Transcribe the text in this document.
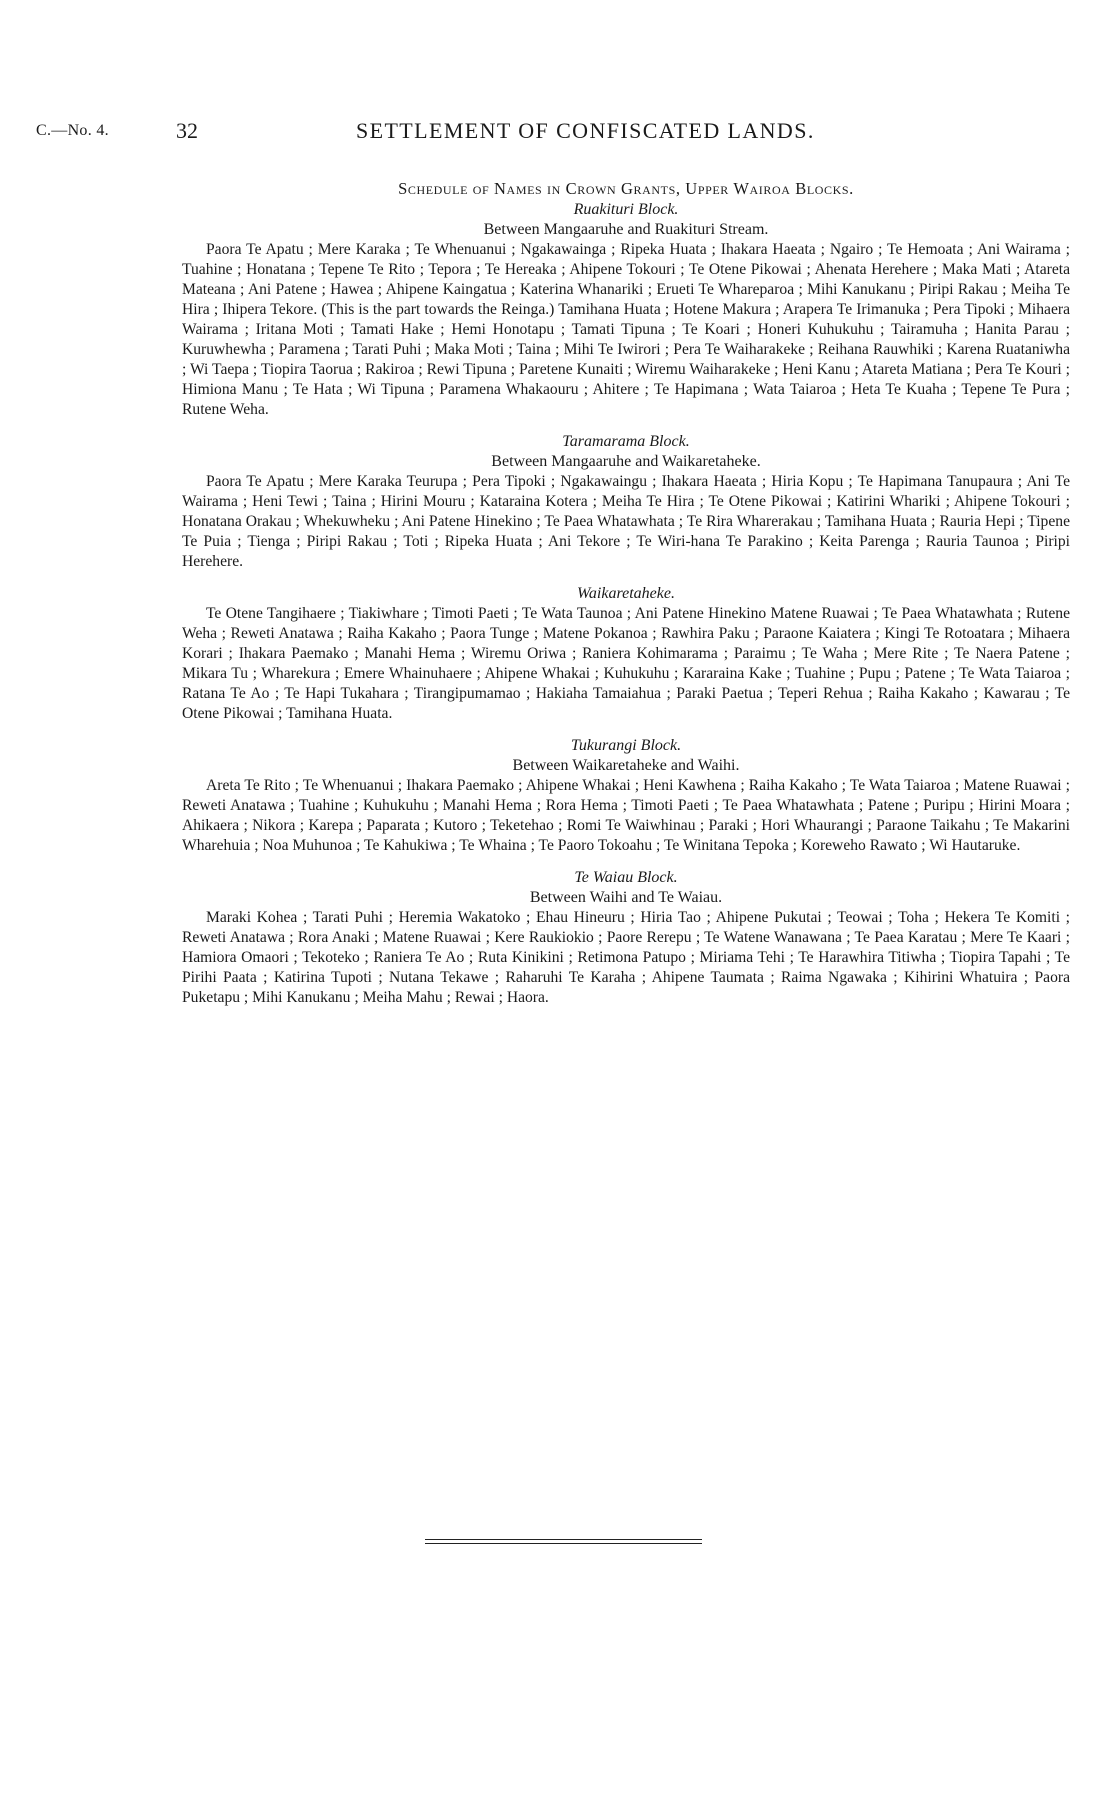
C.—No. 4.	32	SETTLEMENT OF CONFISCATED LANDS.

Schedule of Names in Crown Grants, Upper Wairoa Blocks.

Ruakituri Block.

Between Mangaaruhe and Ruakituri Stream.

Paora Te Apatu ; Mere Karaka ; Te Whenuanui ; Ngakawainga ; Ripeka Huata ; Ihakara Haeata ; Ngairo ; Te Hemoata ; Ani Wairama ; Tuahine ; Honatana ; Tepene Te Rito ; Tepora ; Te Hereaka ; Ahipene Tokouri ; Te Otene Pikowai ; Ahenata Herehere ; Maka Mati ; Atareta Mateana ; Ani Patene ; Hawea ; Ahipene Kaingatua ; Katerina Whanariki ; Erueti Te Whareparoa ; Mihi Kanukanu ; Piripi Rakau ; Meiha Te Hira ; Ihipera Tekore. (This is the part towards the Reinga.) Tamihana Huata ; Hotene Makura ; Arapera Te Irimanuka ; Pera Tipoki ; Mihaera Wairama ; Iritana Moti ; Tamati Hake ; Hemi Honotapu ; Tamati Tipuna ; Te Koari ; Honeri Kuhukuhu ; Tairamuha ; Hanita Parau ; Kuruwhewha ; Paramena ; Tarati Puhi ; Maka Moti ; Taina ; Mihi Te Iwirori ; Pera Te Waiharakeke ; Reihana Rauwhiki ; Karena Ruataniwha ; Wi Taepa ; Tiopira Taorua ; Rakiroa ; Rewi Tipuna ; Paretene Kunaiti ; Wiremu Waiharakeke ; Heni Kanu ; Atareta Matiana ; Pera Te Kouri ; Himiona Manu ; Te Hata ; Wi Tipuna ; Paramena Whakaouru ; Ahitere ; Te Hapimana ; Wata Taiaroa ; Heta Te Kuaha ; Tepene Te Pura ; Rutene Weha.

Taramarama Block.

Between Mangaaruhe and Waikaretaheke.

Paora Te Apatu ; Mere Karaka Teurupa ; Pera Tipoki ; Ngakawaingu ; Ihakara Haeata ; Hiria Kopu ; Te Hapimana Tanupaura ; Ani Te Wairama ; Heni Tewi ; Taina ; Hirini Mouru ; Kataraina Kotera ; Meiha Te Hira ; Te Otene Pikowai ; Katirini Whariki ; Ahipene Tokouri ; Honatana Orakau ; Whekuwheku ; Ani Patene Hinekino ; Te Paea Whatawhata ; Te Rira Wharerakau ; Tamihana Huata ; Rauria Hepi ; Tipene Te Puia ; Tienga ; Piripi Rakau ; Toti ; Ripeka Huata ; Ani Tekore ; Te Wiri-hana Te Parakino ; Keita Parenga ; Rauria Taunoa ; Piripi Herehere.

Waikaretaheke.

Te Otene Tangihaere ; Tiakiwhare ; Timoti Paeti ; Te Wata Taunoa ; Ani Patene Hinekino Matene Ruawai ; Te Paea Whatawhata ; Rutene Weha ; Reweti Anatawa ; Raiha Kakaho ; Paora Tunge ; Matene Pokanoa ; Rawhira Paku ; Paraone Kaiatera ; Kingi Te Rotoatara ; Mihaera Korari ; Ihakara Paemako ; Manahi Hema ; Wiremu Oriwa ; Raniera Kohimarama ; Paraimu ; Te Waha ; Mere Rite ; Te Naera Patene ; Mikara Tu ; Wharekura ; Emere Whainuhaere ; Ahipene Whakai ; Kuhukuhu ; Kararaina Kake ; Tuahine ; Pupu ; Patene ; Te Wata Taiaroa ; Ratana Te Ao ; Te Hapi Tukahara ; Tirangipumamao ; Hakiaha Tamaiahua ; Paraki Paetua ; Teperi Rehua ; Raiha Kakaho ; Kawarau ; Te Otene Pikowai ; Tamihana Huata.

Tukurangi Block.

Between Waikaretaheke and Waihi.

Areta Te Rito ; Te Whenuanui ; Ihakara Paemako ; Ahipene Whakai ; Heni Kawhena ; Raiha Kakaho ; Te Wata Taiaroa ; Matene Ruawai ; Reweti Anatawa ; Tuahine ; Kuhukuhu ; Manahi Hema ; Rora Hema ; Timoti Paeti ; Te Paea Whatawhata ; Patene ; Puripu ; Hirini Moara ; Ahikaera ; Nikora ; Karepa ; Paparata ; Kutoro ; Teketehao ; Romi Te Waiwhinau ; Paraki ; Hori Whaurangi ; Paraone Taikahu ; Te Makarini Wharehuia ; Noa Muhunoa ; Te Kahukiwa ; Te Whaina ; Te Paoro Tokoahu ; Te Winitana Tepoka ; Koreweho Rawato ; Wi Hautaruke.

Te Waiau Block.

Between Waihi and Te Waiau.

Maraki Kohea ; Tarati Puhi ; Heremia Wakatoko ; Ehau Hineuru ; Hiria Tao ; Ahipene Pukutai ; Teowai ; Toha ; Hekera Te Komiti ; Reweti Anatawa ; Rora Anaki ; Matene Ruawai ; Kere Raukiokio ; Paore Rerepu ; Te Watene Wanawana ; Te Paea Karatau ; Mere Te Kaari ; Hamiora Omaori ; Tekoteko ; Raniera Te Ao ; Ruta Kinikini ; Retimona Patupo ; Miriama Tehi ; Te Harawhira Titiwha ; Tiopira Tapahi ; Te Pirihi Paata ; Katirina Tupoti ; Nutana Tekawe ; Raharuhi Te Karaha ; Ahipene Taumata ; Raima Ngawaka ; Kihirini Whatuira ; Paora Puketapu ; Mihi Kanukanu ; Meiha Mahu ; Rewai ; Haora.
